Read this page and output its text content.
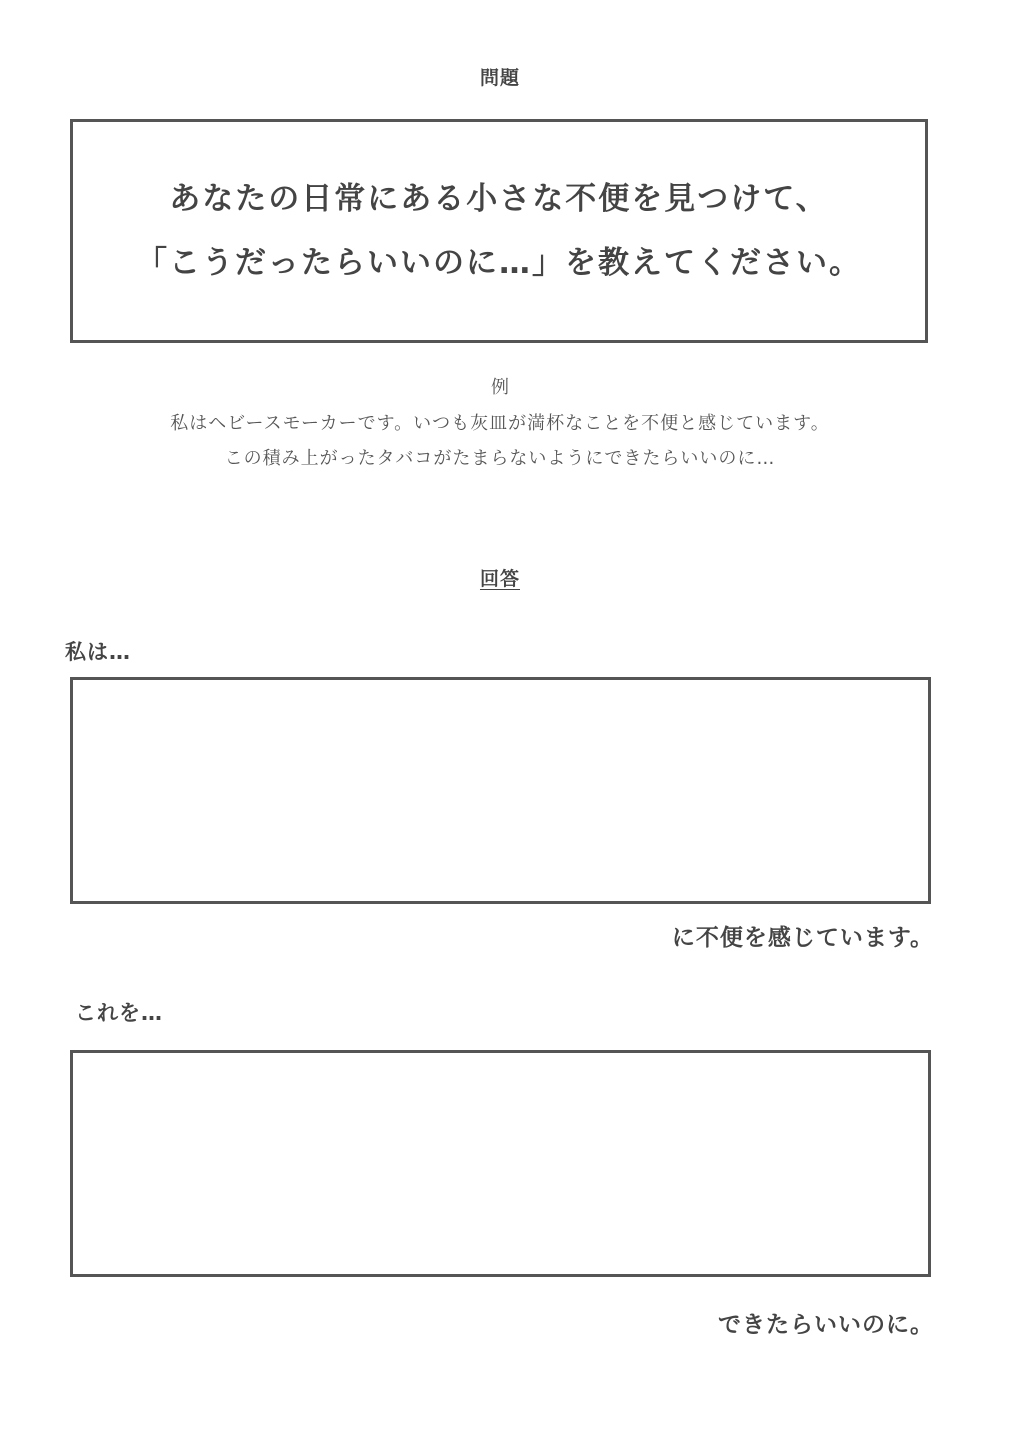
問題
あなたの日常にある小さな不便を見つけて、
「こうだったらいいのに…」を教えてください。
例
私はヘビースモーカーです。いつも灰皿が満杯なことを不便と感じています。
この積み上がったタバコがたまらないようにできたらいいのに…
回答
私は…
に不便を感じています。
これを…
できたらいいのに。
